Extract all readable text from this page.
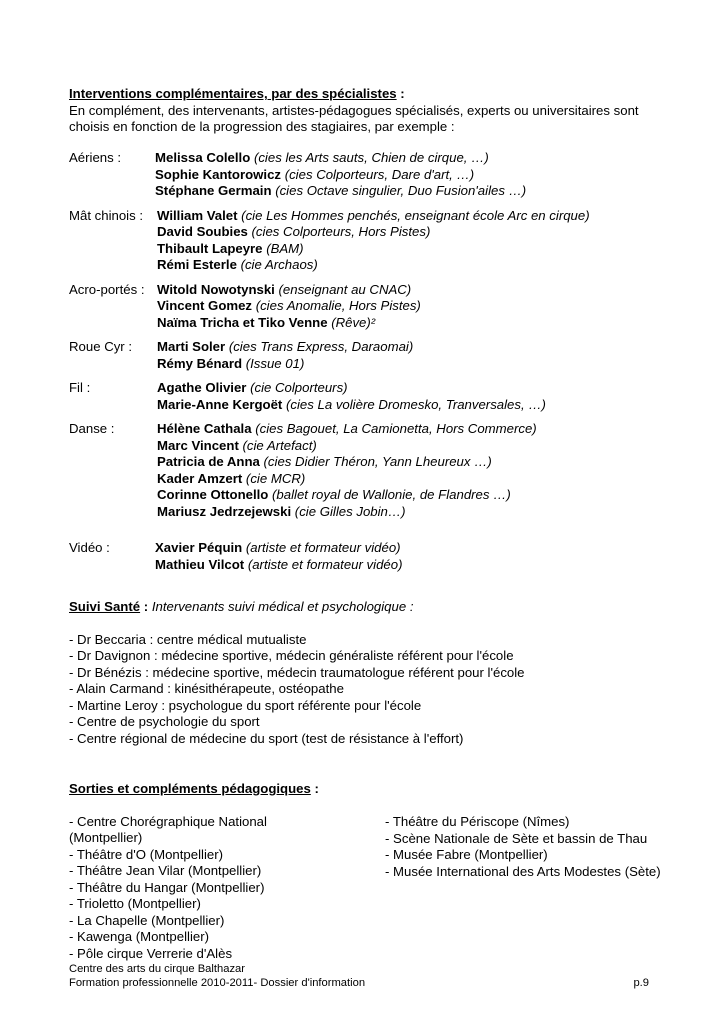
Interventions complémentaires, par des spécialistes :
En complément, des intervenants, artistes-pédagogues spécialisés, experts ou universitaires sont
choisis en fonction de la progression des stagiaires, par exemple :
Aériens :	Melissa Colello (cies les Arts sauts, Chien de cirque, …)
Sophie Kantorowicz (cies Colporteurs, Dare d'art, …)
Stéphane Germain (cies Octave singulier, Duo Fusion'ailes …)
Mât chinois :	William Valet (cie Les Hommes penchés, enseignant école Arc en cirque)
David Soubies (cies Colporteurs, Hors Pistes)
Thibault Lapeyre (BAM)
Rémi Esterle (cie Archaos)
Acro-portés : Witold Nowotynski (enseignant au CNAC)
Vincent Gomez (cies Anomalie, Hors Pistes)
Naïma Tricha et Tiko Venne (Rêve)²
Roue Cyr :	Marti Soler (cies Trans Express, Daraomai)
Rémy Bénard (Issue 01)
Fil :	Agathe Olivier (cie Colporteurs)
Marie-Anne Kergoët (cies La volière Dromesko, Tranversales, …)
Danse :	Hélène Cathala (cies Bagouet, La Camionetta, Hors Commerce)
Marc Vincent (cie Artefact)
Patricia de Anna (cies Didier Théron, Yann Lheureux …)
Kader Amzert (cie MCR)
Corinne Ottonello (ballet royal de Wallonie, de Flandres …)
Mariusz Jedrzejewski (cie Gilles Jobin…)
Vidéo :	Xavier Péquin (artiste et formateur vidéo)
Mathieu Vilcot (artiste et formateur vidéo)
Suivi Santé : Intervenants suivi médical et psychologique :
- Dr Beccaria : centre médical mutualiste
- Dr Davignon : médecine sportive, médecin généraliste référent pour l'école
- Dr Bénézis : médecine sportive, médecin traumatologue référent pour l'école
- Alain Carmand : kinésithérapeute, ostéopathe
- Martine Leroy : psychologue du sport référente pour l'école
- Centre de psychologie du sport
- Centre régional de médecine du sport (test de résistance à l'effort)
Sorties et compléments pédagogiques :
- Centre Chorégraphique National
(Montpellier)
- Théâtre d'O (Montpellier)
- Théâtre Jean Vilar (Montpellier)
- Théâtre du Hangar (Montpellier)
- Trioletto (Montpellier)
- La Chapelle (Montpellier)
- Kawenga (Montpellier)
- Pôle cirque Verrerie d'Alès
- Théâtre du Périscope (Nîmes)
- Scène Nationale de Sète et bassin de Thau
- Musée Fabre (Montpellier)
- Musée International des Arts Modestes (Sète)
Centre des arts du cirque Balthazar
Formation professionnelle 2010-2011- Dossier d'information	p.9
